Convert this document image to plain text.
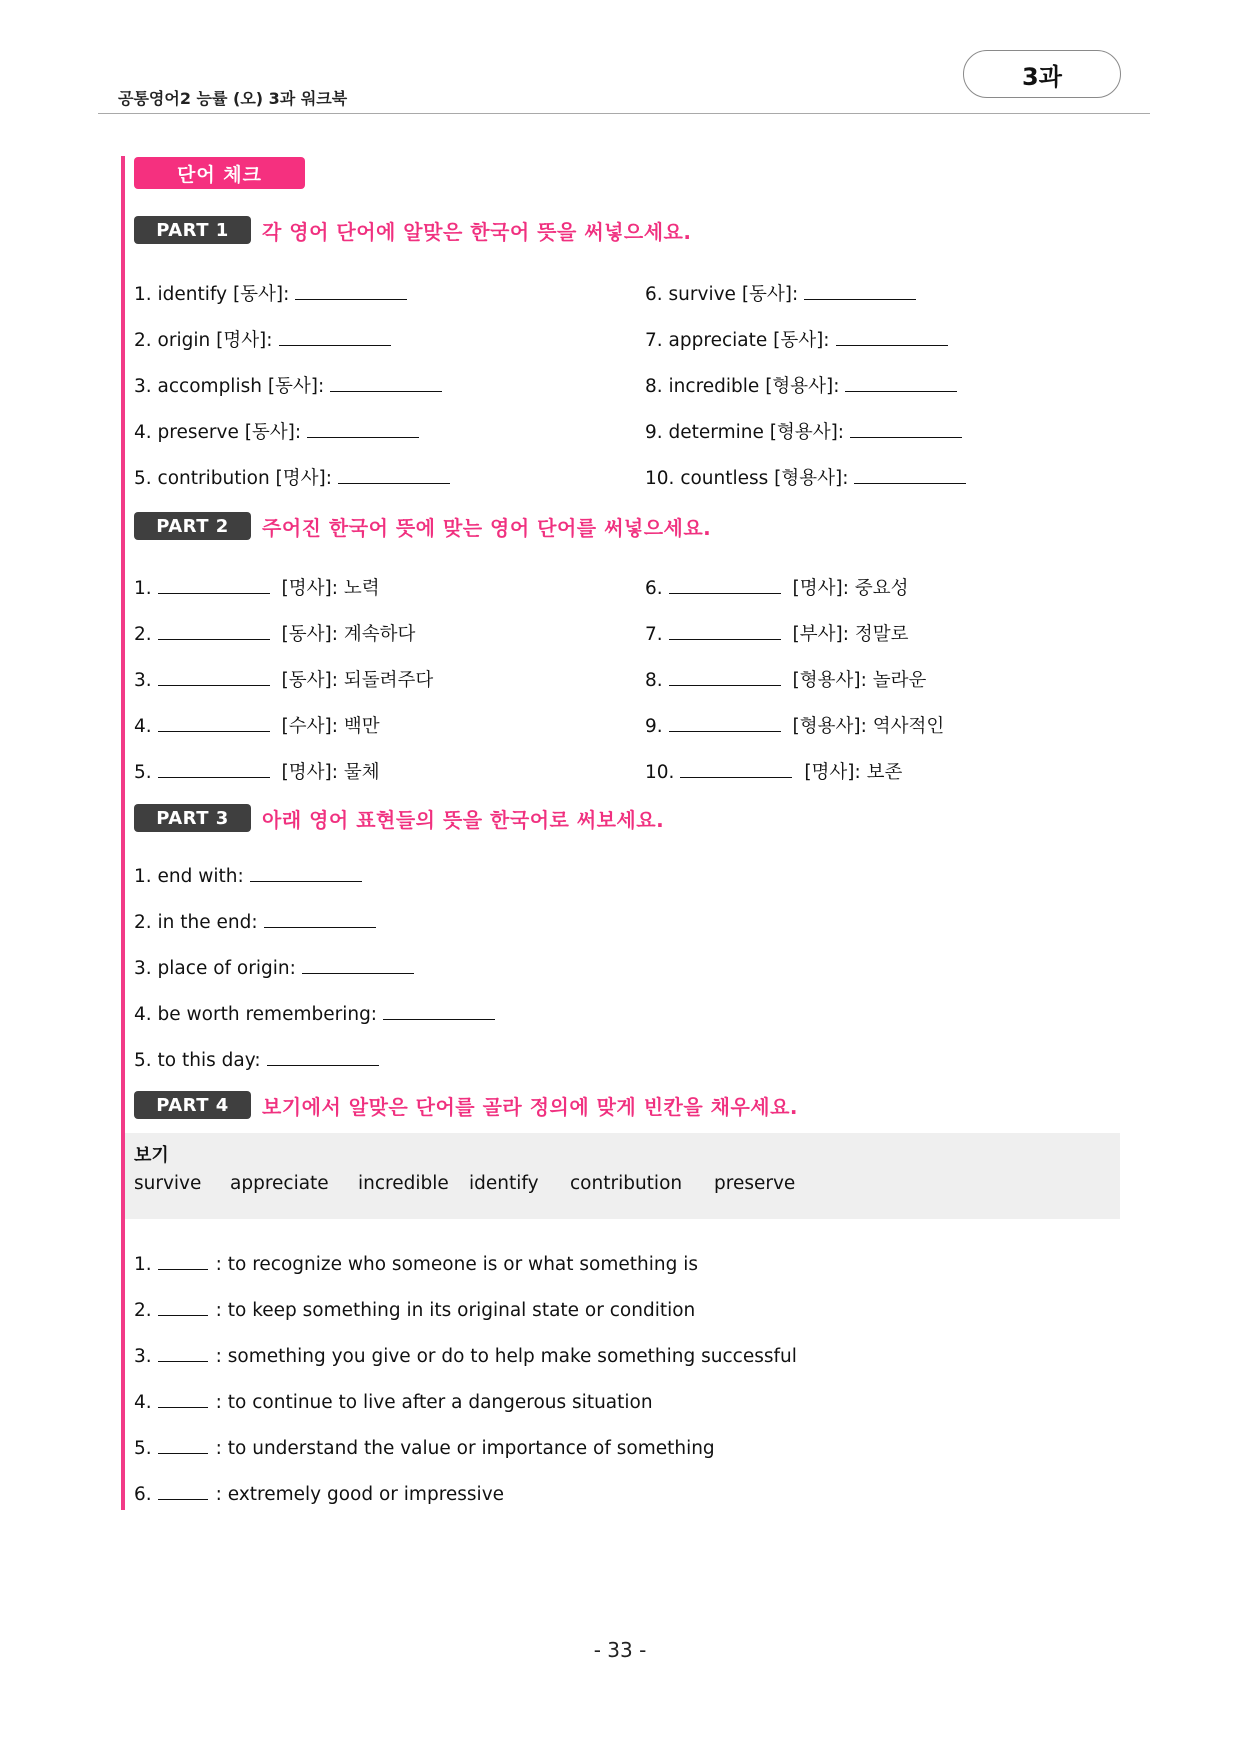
공통영어2 능률 (오) 3과 워크북
3과
단어 체크
PART 1	각 영어 단어에 알맞은 한국어 뜻을 써넣으세요.
1. identify [동사]:
2. origin [명사]:
3. accomplish [동사]:
4. preserve [동사]:
5. contribution [명사]:
6. survive [동사]:
7. appreciate [동사]:
8. incredible [형용사]:
9. determine [형용사]:
10. countless [형용사]:
PART 2	주어진 한국어 뜻에 맞는 영어 단어를 써넣으세요.
1.	[명사]: 노력
2.	[동사]: 계속하다
3.	[동사]: 되돌려주다
4.	[수사]: 백만
5.	[명사]: 물체
6.	[명사]: 중요성
7.	[부사]: 정말로
8.	[형용사]: 놀라운
9.	[형용사]: 역사적인
10.	[명사]: 보존
PART 3	아래 영어 표현들의 뜻을 한국어로 써보세요.
1. end with:
2. in the end:
3. place of origin:
4. be worth remembering:
5. to this day:
PART 4	보기에서 알맞은 단어를 골라 정의에 맞게 빈칸을 채우세요.
보기
survive appreciate incredible identify contribution preserve
1.	: to recognize who someone is or what something is
2.	: to keep something in its original state or condition
3.	: something you give or do to help make something successful
4.	: to continue to live after a dangerous situation
5.	: to understand the value or importance of something
6.	: extremely good or impressive
- 33 -
